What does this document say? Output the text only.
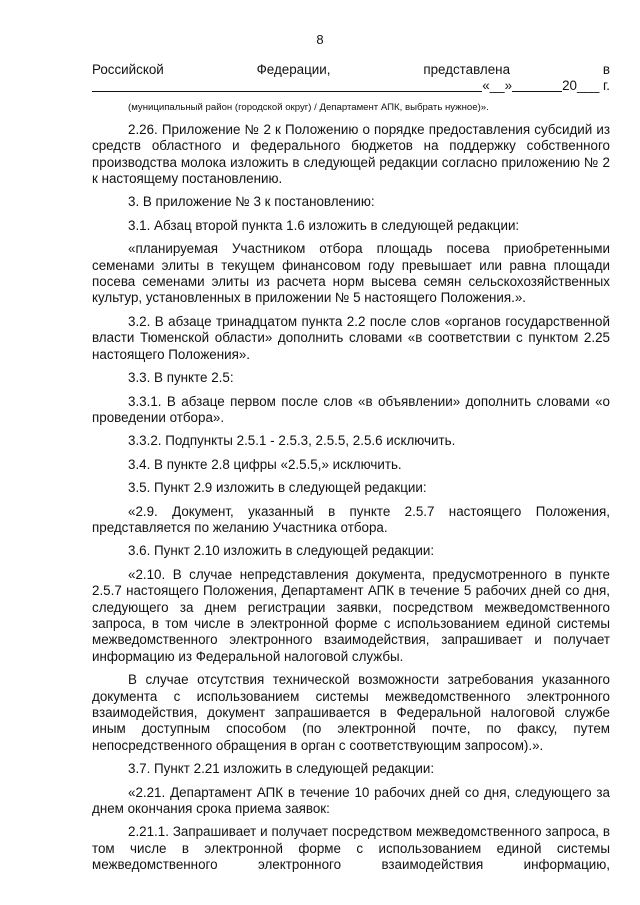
8
Российской	Федерации,	представлена	в
«__»	20___ г.
(муниципальный район (городской округ) / Департамент АПК, выбрать нужное)».

2.26. Приложение № 2 к Положению о порядке предоставления субсидий из средств областного и федерального бюджетов на поддержку собственного производства молока изложить в следующей редакции согласно приложению № 2 к настоящему постановлению.

3. В приложение № 3 к постановлению:

3.1. Абзац второй пункта 1.6 изложить в следующей редакции:

«планируемая Участником отбора площадь посева приобретенными семенами элиты в текущем финансовом году превышает или равна площади посева семенами элиты из расчета норм высева семян сельскохозяйственных культур, установленных в приложении № 5 настоящего Положения.».

3.2. В абзаце тринадцатом пункта 2.2 после слов «органов государственной власти Тюменской области» дополнить словами «в соответствии с пунктом 2.25 настоящего Положения».

3.3. В пункте 2.5:

3.3.1. В абзаце первом после слов «в объявлении» дополнить словами «о проведении отбора».

3.3.2. Подпункты 2.5.1 - 2.5.3, 2.5.5, 2.5.6 исключить.

3.4. В пункте 2.8 цифры «2.5.5,» исключить.

3.5. Пункт 2.9 изложить в следующей редакции:

«2.9. Документ, указанный в пункте 2.5.7 настоящего Положения, представляется по желанию Участника отбора.

3.6. Пункт 2.10 изложить в следующей редакции:

«2.10. В случае непредставления документа, предусмотренного в пункте 2.5.7 настоящего Положения, Департамент АПК в течение 5 рабочих дней со дня, следующего за днем регистрации заявки, посредством межведомственного запроса, в том числе в электронной форме с использованием единой системы межведомственного электронного взаимодействия, запрашивает и получает информацию из Федеральной налоговой службы.

В случае отсутствия технической возможности затребования указанного документа с использованием системы межведомственного электронного взаимодействия, документ запрашивается в Федеральной налоговой службе иным доступным способом (по электронной почте, по факсу, путем непосредственного обращения в орган с соответствующим запросом).».

3.7. Пункт 2.21 изложить в следующей редакции:

«2.21. Департамент АПК в течение 10 рабочих дней со дня, следующего за днем окончания срока приема заявок:

2.21.1. Запрашивает и получает посредством межведомственного запроса, в том числе в электронной форме с использованием единой системы межведомственного электронного взаимодействия информацию,
